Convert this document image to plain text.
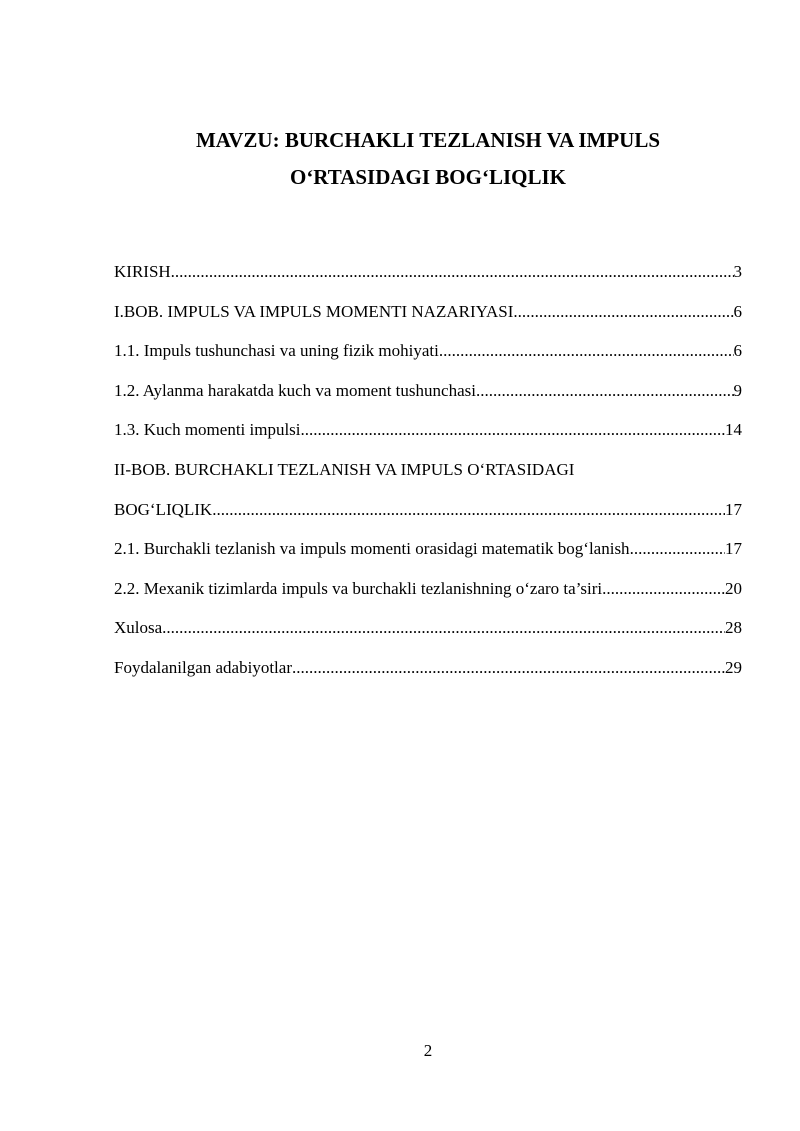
MAVZU: BURCHAKLI TEZLANISH VA IMPULS
O‘RTASIDAGI BOG‘LIQLIK
KIRISH .....	3
I.BOB. IMPULS VA IMPULS MOMENTI NAZARIYASI .....	6
1.1. Impuls tushunchasi va uning fizik mohiyati .....	6
1.2. Aylanma harakatda kuch va moment tushunchasi .....	9
1.3. Kuch momenti impulsi .....	14
II-BOB. BURCHAKLI TEZLANISH VA IMPULS O‘RTASIDAGI
BOG‘LIQLIK .....	17
2.1. Burchakli tezlanish va impuls momenti orasidagi matematik bog‘lanish .....	17
2.2. Mexanik tizimlarda impuls va burchakli tezlanishning o‘zaro ta’siri .....	20
Xulosa .....	28
Foydalanilgan adabiyotlar .....	29
2
